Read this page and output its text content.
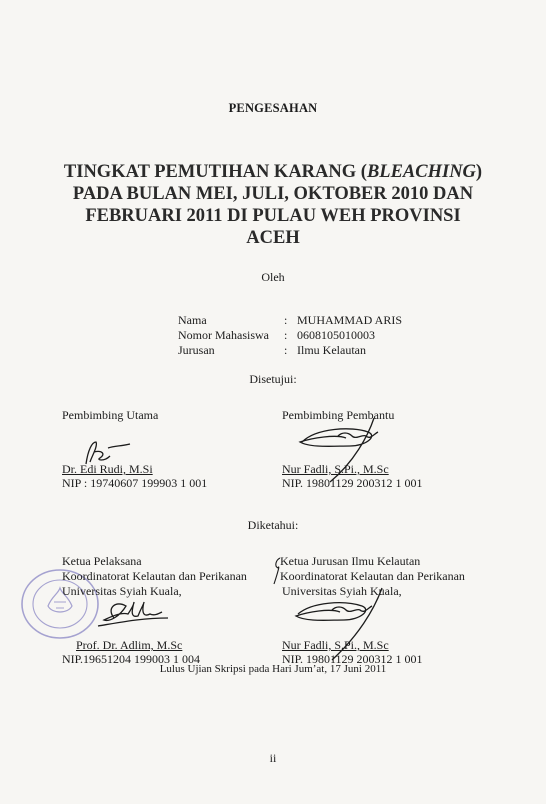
PENGESAHAN
TINGKAT PEMUTIHAN KARANG (BLEACHING)
PADA BULAN MEI, JULI, OKTOBER 2010 DAN
FEBRUARI 2011 DI PULAU WEH PROVINSI
ACEH
Oleh
Nama	: MUHAMMAD ARIS
Nomor Mahasiswa : 0608105010003
Jurusan	: Ilmu Kelautan
Disetujui:
Pembimbing Utama
Dr. Edi Rudi, M.Si
NIP : 19740607 199903 1 001
Pembimbing Pembantu
Nur Fadli, S.Pi., M.Sc
NIP. 19801129 200312 1 001
Diketahui:
Ketua Pelaksana
Koordinatorat Kelautan dan Perikanan
Universitas Syiah Kuala,
Prof. Dr. Adlim, M.Sc
NIP.19651204 199003 1 004
Ketua Jurusan Ilmu Kelautan
Koordinatorat Kelautan dan Perikanan
Universitas Syiah Kuala,
Nur Fadli, S.Pi., M.Sc
NIP. 19801129 200312 1 001
Lulus Ujian Skripsi pada Hari Jum’at, 17 Juni 2011
ii
